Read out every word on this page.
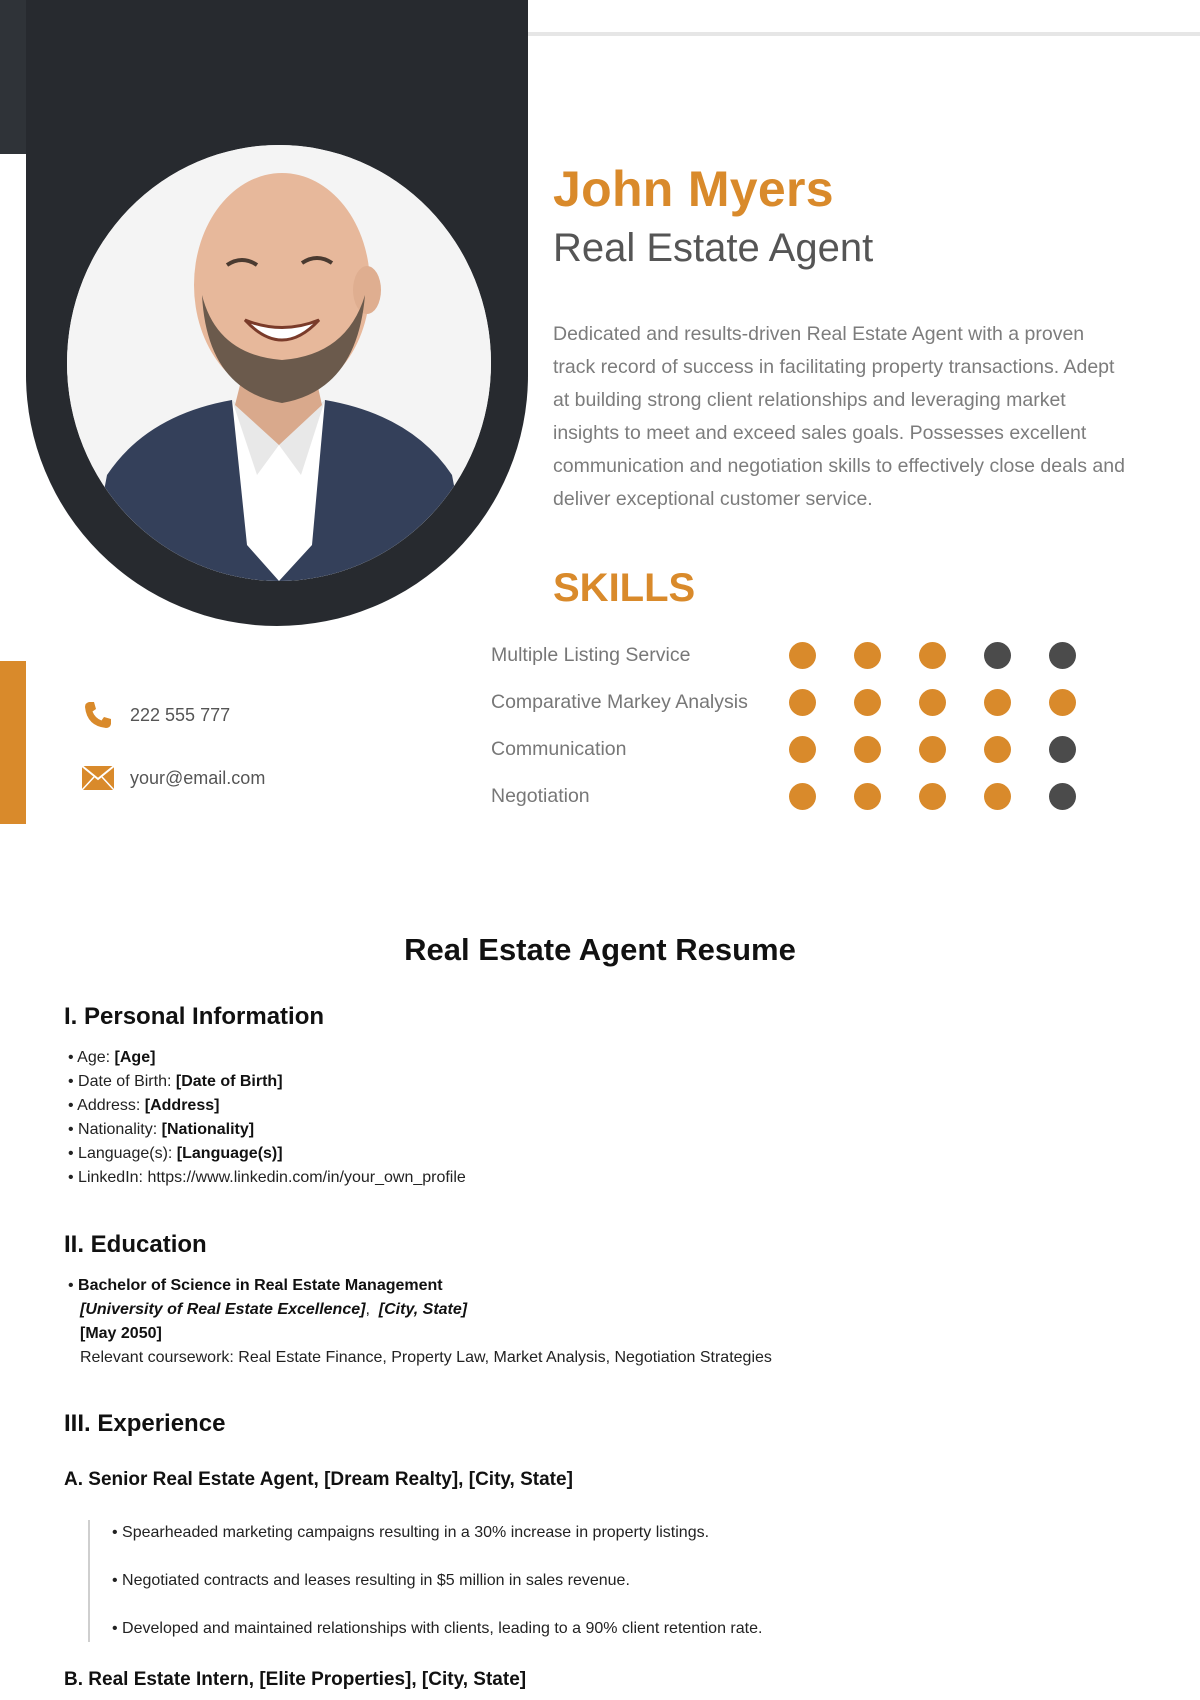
John Myers
Real Estate Agent

Dedicated and results-driven Real Estate Agent with a proven track record of success in facilitating property transactions. Adept at building strong client relationships and leveraging market insights to meet and exceed sales goals. Possesses excellent communication and negotiation skills to effectively close deals and deliver exceptional customer service.

SKILLS
Multiple Listing Service
Comparative Markey Analysis
Communication
Negotiation
222 555 777
your@email.com
Real Estate Agent Resume
I. Personal Information
• Age: [Age]
• Date of Birth: [Date of Birth]
• Address: [Address]
• Nationality: [Nationality]
• Language(s): [Language(s)]
• LinkedIn: https://www.linkedin.com/in/your_own_profile
II. Education
• Bachelor of Science in Real Estate Management
[University of Real Estate Excellence], [City, State]
[May 2050]
Relevant coursework: Real Estate Finance, Property Law, Market Analysis, Negotiation Strategies
III. Experience
A. Senior Real Estate Agent, [Dream Realty], [City, State]
• Spearheaded marketing campaigns resulting in a 30% increase in property listings.
• Negotiated contracts and leases resulting in $5 million in sales revenue.
• Developed and maintained relationships with clients, leading to a 90% client retention rate.
B. Real Estate Intern, [Elite Properties], [City, State]
